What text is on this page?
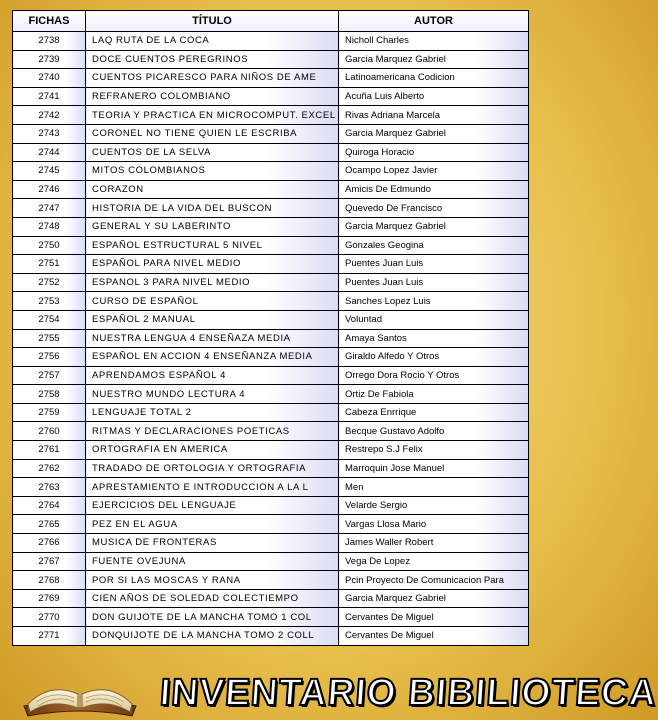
FICHAS	TÍTULO	AUTOR
2738	LAQ RUTA DE LA COCA	Nicholl Charles
2739	DOCE CUENTOS PEREGRINOS	Garcia Marquez Gabriel
2740	CUENTOS PICARESCO PARA NIÑOS DE AME	Latinoamericana Codicion
2741	REFRANERO COLOMBIANO	Acuña Luis Alberto
2742	TEORIA Y PRACTICA EN MICROCOMPUT. EXCEL	Rivas Adriana Marcela
2743	CORONEL NO TIENE QUIEN LE ESCRIBA	Garcia Marquez Gabriel
2744	CUENTOS DE LA SELVA	Quiroga Horacio
2745	MITOS COLOMBIANOS	Ocampo Lopez Javier
2746	CORAZON	Amicis De Edmundo
2747	HISTORIA DE LA VIDA DEL BUSCON	Quevedo De Francisco
2748	GENERAL Y SU LABERINTO	Garcia Marquez Gabriel
2750	ESPAÑOL ESTRUCTURAL 5 NIVEL	Gonzales Geogina
2751	ESPAÑOL PARA NIVEL MEDIO	Puentes Juan Luis
2752	ESPANOL 3 PARA NIVEL MEDIO	Puentes Juan Luis
2753	CURSO DE ESPAÑOL	Sanches Lopez Luis
2754	ESPAÑOL 2 MANUAL	Voluntad
2755	NUESTRA LENGUA 4 ENSEÑAZA MEDIA	Amaya Santos
2756	ESPAÑOL EN ACCION 4 ENSEÑANZA MEDIA	Giraldo Alfedo Y Otros
2757	APRENDAMOS ESPAÑOL 4	Orrego Dora Rocio Y Otros
2758	NUESTRO MUNDO LECTURA 4	Ortiz De Fabiola
2759	LENGUAJE TOTAL 2	Cabeza Enrrique
2760	RITMAS Y DECLARACIONES POETICAS	Becque Gustavo Adolfo
2761	ORTOGRAFIA EN AMERICA	Restrepo S.J Felix
2762	TRADADO DE ORTOLOGIA Y ORTOGRAFIA	Marroquin Jose Manuel
2763	APRESTAMIENTO E INTRODUCCION A LA L	Men
2764	EJERCICIOS DEL LENGUAJE	Velarde Sergio
2765	PEZ EN EL AGUA	Vargas Llosa Mario
2766	MUSICA DE FRONTERAS	James Waller Robert
2767	FUENTE OVEJUNA	Vega De Lopez
2768	POR SI LAS MOSCAS Y RANA	Pcin Proyecto De Comunicacion Para
2769	CIEN AÑOS DE SOLEDAD COLECTIEMPO	Garcia Marquez Gabriel
2770	DON GUIJOTE DE LA MANCHA TOMO 1 COL	Cervantes De Miguel
2771	DONQUIJOTE DE LA MANCHA TOMO 2 COLL	Cervantes De Miguel
INVENTARIO BIBILIOTECA
